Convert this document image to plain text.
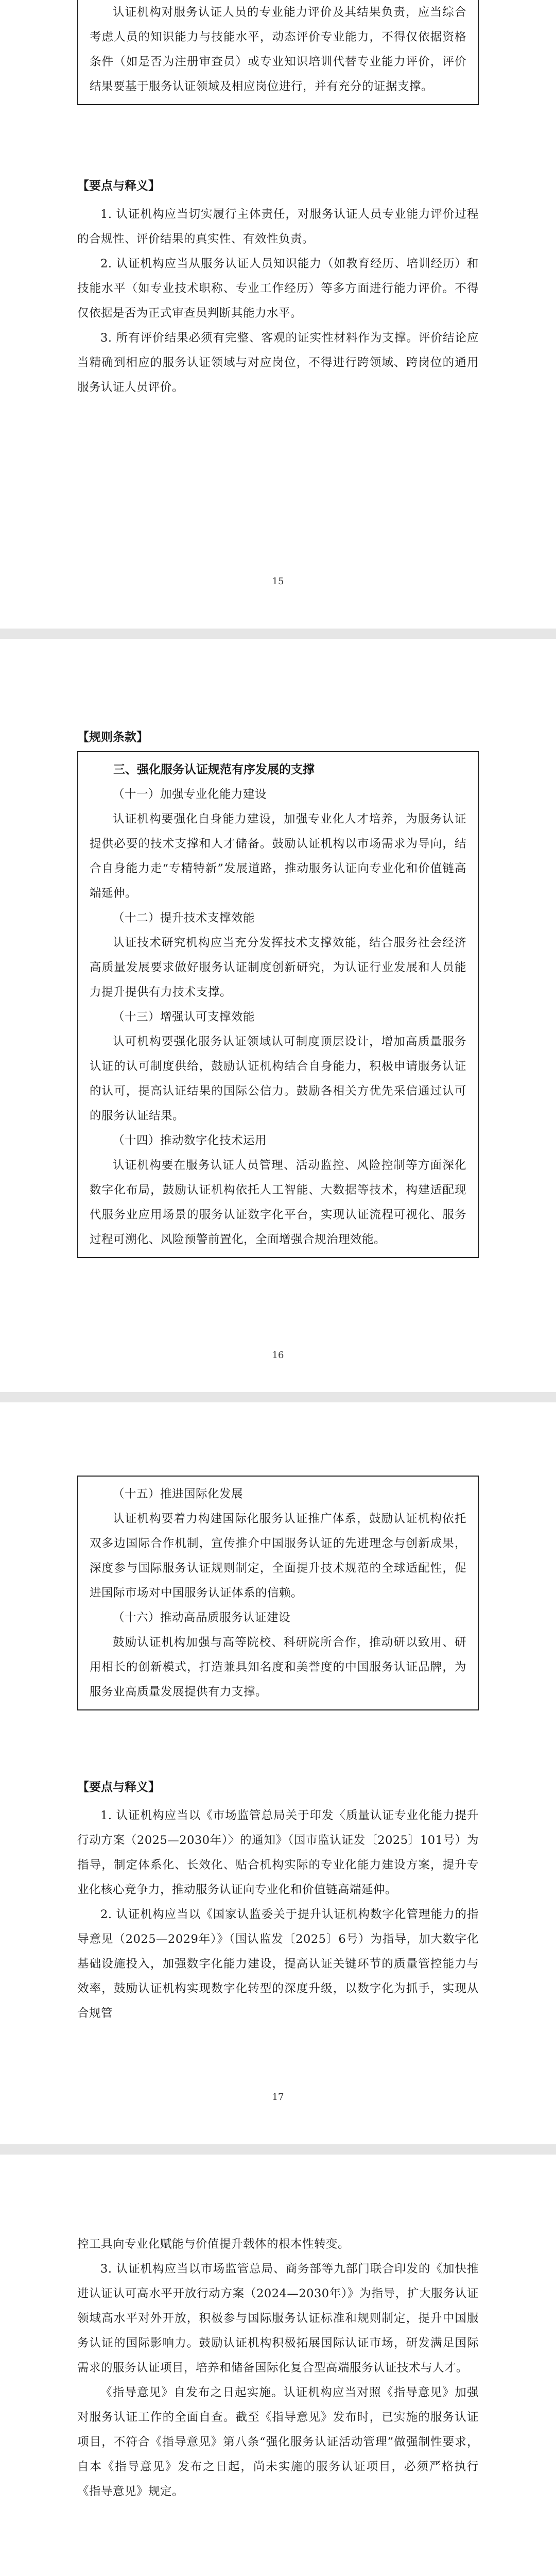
认证机构对服务认证人员的专业能力评价及其结果负责，应当综合考虑人员的知识能力与技能水平，动态评价专业能力，不得仅依据资格条件（如是否为注册审查员）或专业知识培训代替专业能力评价，评价结果要基于服务认证领域及相应岗位进行，并有充分的证据支撑。

【要点与释义】

1. 认证机构应当切实履行主体责任，对服务认证人员专业能力评价过程的合规性、评价结果的真实性、有效性负责。

2. 认证机构应当从服务认证人员知识能力（如教育经历、培训经历）和技能水平（如专业技术职称、专业工作经历）等多方面进行能力评价。不得仅依据是否为正式审查员判断其能力水平。

3. 所有评价结果必须有完整、客观的证实性材料作为支撑。评价结论应当精确到相应的服务认证领域与对应岗位，不得进行跨领域、跨岗位的通用服务认证人员评价。

15
【规则条款】

三、强化服务认证规范有序发展的支撑

（十一）加强专业化能力建设

认证机构要强化自身能力建设，加强专业化人才培养，为服务认证提供必要的技术支撑和人才储备。鼓励认证机构以市场需求为导向，结合自身能力走“专精特新”发展道路，推动服务认证向专业化和价值链高端延伸。

（十二）提升技术支撑效能

认证技术研究机构应当充分发挥技术支撑效能，结合服务社会经济高质量发展要求做好服务认证制度创新研究，为认证行业发展和人员能力提升提供有力技术支撑。

（十三）增强认可支撑效能

认可机构要强化服务认证领域认可制度顶层设计，增加高质量服务认证的认可制度供给，鼓励认证机构结合自身能力，积极申请服务认证的认可，提高认证结果的国际公信力。鼓励各相关方优先采信通过认可的服务认证结果。

（十四）推动数字化技术运用

认证机构要在服务认证人员管理、活动监控、风险控制等方面深化数字化布局，鼓励认证机构依托人工智能、大数据等技术，构建适配现代服务业应用场景的服务认证数字化平台，实现认证流程可视化、服务过程可溯化、风险预警前置化，全面增强合规治理效能。

16

（十五）推进国际化发展

认证机构要着力构建国际化服务认证推广体系，鼓励认证机构依托双多边国际合作机制，宣传推介中国服务认证的先进理念与创新成果，深度参与国际服务认证规则制定，全面提升技术规范的全球适配性，促进国际市场对中国服务认证体系的信赖。

（十六）推动高品质服务认证建设

鼓励认证机构加强与高等院校、科研院所合作，推动研以致用、研用相长的创新模式，打造兼具知名度和美誉度的中国服务认证品牌，为服务业高质量发展提供有力支撑。

【要点与释义】

1. 认证机构应当以《市场监管总局关于印发〈质量认证专业化能力提升行动方案（2025—2030年）〉的通知》（国市监认证发〔2025〕101号）为指导，制定体系化、长效化、贴合机构实际的专业化能力建设方案，提升专业化核心竞争力，推动服务认证向专业化和价值链高端延伸。

2. 认证机构应当以《国家认监委关于提升认证机构数字化管理能力的指导意见（2025—2029年）》（国认监发〔2025〕6号）为指导，加大数字化基础设施投入，加强数字化能力建设，提高认证关键环节的质量管控能力与效率，鼓励认证机构实现数字化转型的深度升级，以数字化为抓手，实现从合规管

17

控工具向专业化赋能与价值提升载体的根本性转变。

3. 认证机构应当以市场监管总局、商务部等九部门联合印发的《加快推进认证认可高水平开放行动方案（2024—2030年）》为指导，扩大服务认证领域高水平对外开放，积极参与国际服务认证标准和规则制定，提升中国服务认证的国际影响力。鼓励认证机构积极拓展国际认证市场，研发满足国际需求的服务认证项目，培养和储备国际化复合型高端服务认证技术与人才。

《指导意见》自发布之日起实施。认证机构应当对照《指导意见》加强对服务认证工作的全面自查。截至《指导意见》发布时，已实施的服务认证项目，不符合《指导意见》第八条“强化服务认证活动管理”做强制性要求，自本《指导意见》发布之日起，尚未实施的服务认证项目，必须严格执行《指导意见》规定。
